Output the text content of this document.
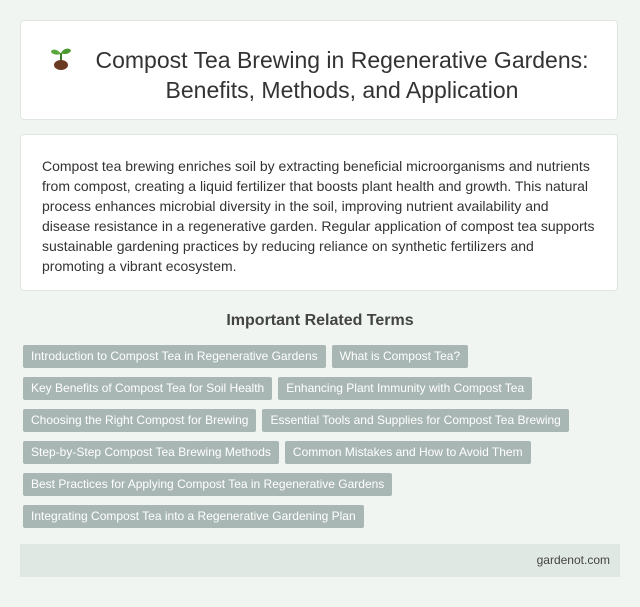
Compost Tea Brewing in Regenerative Gardens: Benefits, Methods, and Application

Compost tea brewing enriches soil by extracting beneficial microorganisms and nutrients from compost, creating a liquid fertilizer that boosts plant health and growth. This natural process enhances microbial diversity in the soil, improving nutrient availability and disease resistance in a regenerative garden. Regular application of compost tea supports sustainable gardening practices by reducing reliance on synthetic fertilizers and promoting a vibrant ecosystem.

Important Related Terms
Introduction to Compost Tea in Regenerative Gardens What is Compost Tea?
Key Benefits of Compost Tea for Soil Health Enhancing Plant Immunity with Compost Tea
Choosing the Right Compost for Brewing Essential Tools and Supplies for Compost Tea Brewing
Step-by-Step Compost Tea Brewing Methods Common Mistakes and How to Avoid Them
Best Practices for Applying Compost Tea in Regenerative Gardens
Integrating Compost Tea into a Regenerative Gardening Plan
gardenot.com
